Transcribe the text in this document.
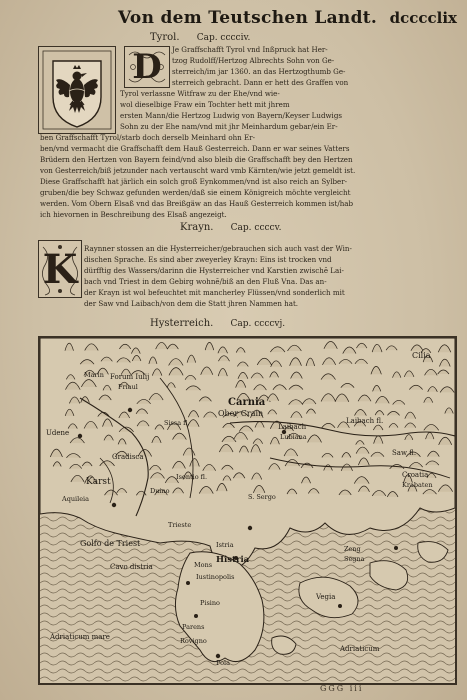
Von dem Teutschen Landt. dcccclix
Tyrol. Cap. cccciv.
D	Je Graffschafft Tyrol vnd Inßpruck hat Her-
tzog Rudolff/Hertzog Albrechts Sohn von Ge-
sterreich/im jar 1360. an das Hertzogthumb Ge-
sterreich gebracht. Dann er hett des Graffen von
Tyrol verlassne Witfraw zu der Ehe/vnd wie-
wol dieselbige Fraw ein Tochter hett mit jhrem
ersten Mann/die Hertzog Ludwig von Bayern/Keyser Ludwigs
Sohn zu der Ehe nam/vnd mit jhr Meinhardum gebar/ein Er-
ben Graffschafft Tyrol/starb doch derselb Meinhard ohn Er-
ben/vnd vermacht die Graffschafft dem Hauß Gesterreich. Dann er war seines Vatters
Brüdern den Hertzen von Bayern feind/vnd also bleib die Graffschafft bey den Hertzen
von Gesterreich/biß jetzunder nach vertauscht ward vmb Kärnten/wie jetzt gemeldt ist.
Diese Graffschafft hat järlich ein solch groß Eynkommen/vnd ist also reich an Sylber-
gruben/die bey Schwaz gefunden werden/daß sie einem Königreich möchte vergleicht
werden. Vom Obern Elsaß vnd das Breißgäw an das Hauß Gesterreich kommen ist/hab
ich hievornen in Beschreibung des Elsaß angezeigt.
Krayn. Cap. ccccv.
K Raynner stossen an die Hysterreicher/gebrauchen sich auch vast der Win-
dischen Sprache. Es sind aber zweyerley Krayn: Eins ist trocken vnd
dürfftig des Wassers/darinn die Hysterreicher vnd Karstien zwischē Lai-
bach vnd Triest in dem Gebirg wohnē/biß an den Fluß Vna. Das an-
der Krayn ist wol befeuchtet mit mancherley Flüssen/vnd sonderlich mit
der Saw vnd Laibach/von dem die Statt jhren Nammen hat.
Hysterreich. Cap. ccccvj.
Cilia
Carnia
Ober Crain
Laibach
Lubiana
Laibach fl.
Saw fl.
Croatia
Krabaten
Forum Iulij
Friaul
Marin
Udene
Gradisca
Karst
Aquileia
Duino
Sissa fl.
Isontio fl.
Trieste
S. Sergo
Golfo de Triest
Cavo distria
Istria
Mons
Iustinopolis
Histria
Zeng
Segna
Vegia
Pisino
Parens
Rovigno
Pola
Adriaticum mare
Adriaticum
GGG iii
